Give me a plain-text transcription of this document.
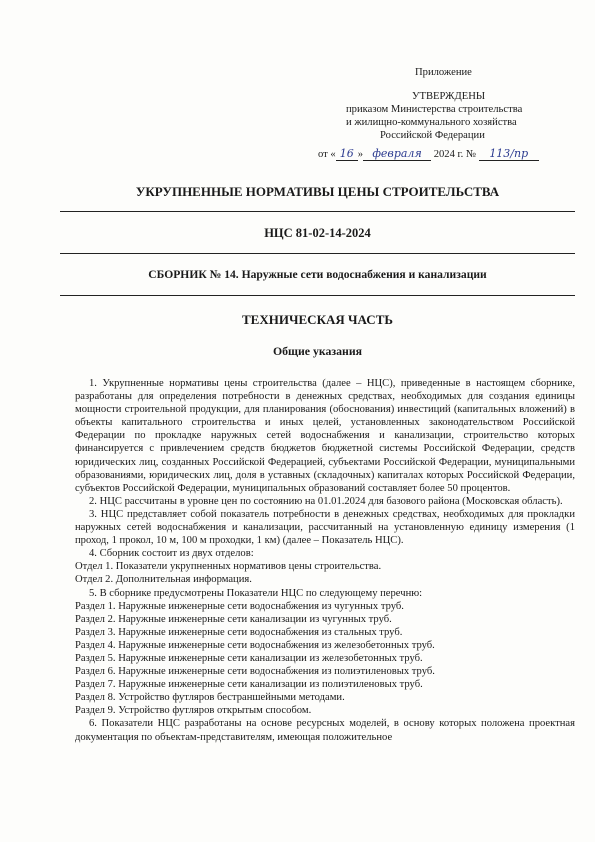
Приложение
УТВЕРЖДЕНЫ
приказом Министерства строительства
и жилищно-коммунального хозяйства
Российской Федерации
от « 16 » февраля 2024 г. № 113/пр
УКРУПНЕННЫЕ НОРМАТИВЫ ЦЕНЫ СТРОИТЕЛЬСТВА
НЦС 81-02-14-2024
СБОРНИК № 14. Наружные сети водоснабжения и канализации
ТЕХНИЧЕСКАЯ ЧАСТЬ
Общие указания

1. Укрупненные нормативы цены строительства (далее – НЦС), приведенные в настоящем сборнике, разработаны для определения потребности в денежных средствах, необходимых для создания единицы мощности строительной продукции, для планирования (обоснования) инвестиций (капитальных вложений) в объекты капитального строительства и иных целей, установленных законодательством Российской Федерации по прокладке наружных сетей водоснабжения и канализации, строительство которых финансируется с привлечением средств бюджетов бюджетной системы Российской Федерации, средств юридических лиц, созданных Российской Федерацией, субъектами Российской Федерации, муниципальными образованиями, юридических лиц, доля в уставных (складочных) капиталах которых Российской Федерации, субъектов Российской Федерации, муниципальных образований составляет более 50 процентов.

2. НЦС рассчитаны в уровне цен по состоянию на 01.01.2024 для базового района (Московская область).

3. НЦС представляет собой показатель потребности в денежных средствах, необходимых для прокладки наружных сетей водоснабжения и канализации, рассчитанный на установленную единицу измерения (1 проход, 1 прокол, 10 м, 100 м проходки, 1 км) (далее – Показатель НЦС).

4. Сборник состоит из двух отделов:

Отдел 1. Показатели укрупненных нормативов цены строительства.

Отдел 2. Дополнительная информация.

5. В сборнике предусмотрены Показатели НЦС по следующему перечню:

Раздел 1. Наружные инженерные сети водоснабжения из чугунных труб.

Раздел 2. Наружные инженерные сети канализации из чугунных труб.

Раздел 3. Наружные инженерные сети водоснабжения из стальных труб.

Раздел 4. Наружные инженерные сети водоснабжения из железобетонных труб.

Раздел 5. Наружные инженерные сети канализации из железобетонных труб.

Раздел 6. Наружные инженерные сети водоснабжения из полиэтиленовых труб.

Раздел 7. Наружные инженерные сети канализации из полиэтиленовых труб.

Раздел 8. Устройство футляров бестраншейными методами.

Раздел 9. Устройство футляров открытым способом.

6. Показатели НЦС разработаны на основе ресурсных моделей, в основу которых положена проектная документация по объектам-представителям, имеющая положительное
